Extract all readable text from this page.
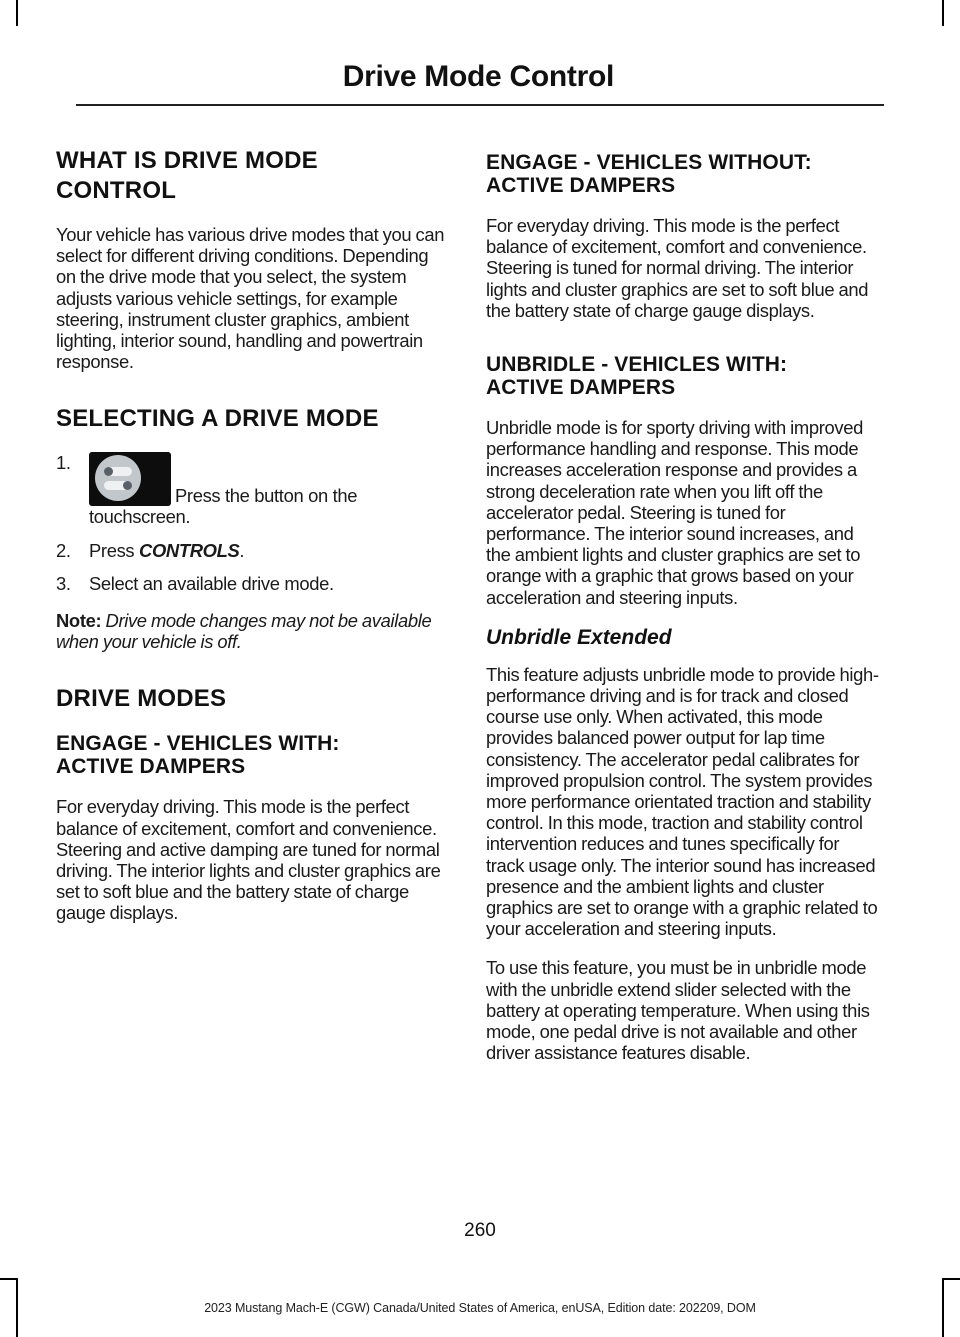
Drive Mode Control
WHAT IS DRIVE MODE
CONTROL

Your vehicle has various drive modes that you can select for different driving conditions. Depending on the drive mode that you select, the system adjusts various vehicle settings, for example steering, instrument cluster graphics, ambient lighting, interior sound, handling and powertrain response.

SELECTING A DRIVE MODE
1.
Press the button on the touchscreen.
2. Press CONTROLS.
3. Select an available drive mode.

Note: Drive mode changes may not be available when your vehicle is off.

DRIVE MODES
ENGAGE - VEHICLES WITH:
ACTIVE DAMPERS

For everyday driving. This mode is the perfect balance of excitement, comfort and convenience. Steering and active damping are tuned for normal driving. The interior lights and cluster graphics are set to soft blue and the battery state of charge gauge displays.

ENGAGE - VEHICLES WITHOUT:
ACTIVE DAMPERS

For everyday driving. This mode is the perfect balance of excitement, comfort and convenience. Steering is tuned for normal driving. The interior lights and cluster graphics are set to soft blue and the battery state of charge gauge displays.

UNBRIDLE - VEHICLES WITH:
ACTIVE DAMPERS

Unbridle mode is for sporty driving with improved performance handling and response. This mode increases acceleration response and provides a strong deceleration rate when you lift off the accelerator pedal. Steering is tuned for performance. The interior sound increases, and the ambient lights and cluster graphics are set to orange with a graphic that grows based on your acceleration and steering inputs.

Unbridle Extended

This feature adjusts unbridle mode to provide high-performance driving and is for track and closed course use only. When activated, this mode provides balanced power output for lap time consistency. The accelerator pedal calibrates for improved propulsion control. The system provides more performance orientated traction and stability control. In this mode, traction and stability control intervention reduces and tunes specifically for track usage only. The interior sound has increased presence and the ambient lights and cluster graphics are set to orange with a graphic related to your acceleration and steering inputs.

To use this feature, you must be in unbridle mode with the unbridle extend slider selected with the battery at operating temperature. When using this mode, one pedal drive is not available and other driver assistance features disable.

260
2023 Mustang Mach-E (CGW) Canada/United States of America, enUSA, Edition date: 202209, DOM
